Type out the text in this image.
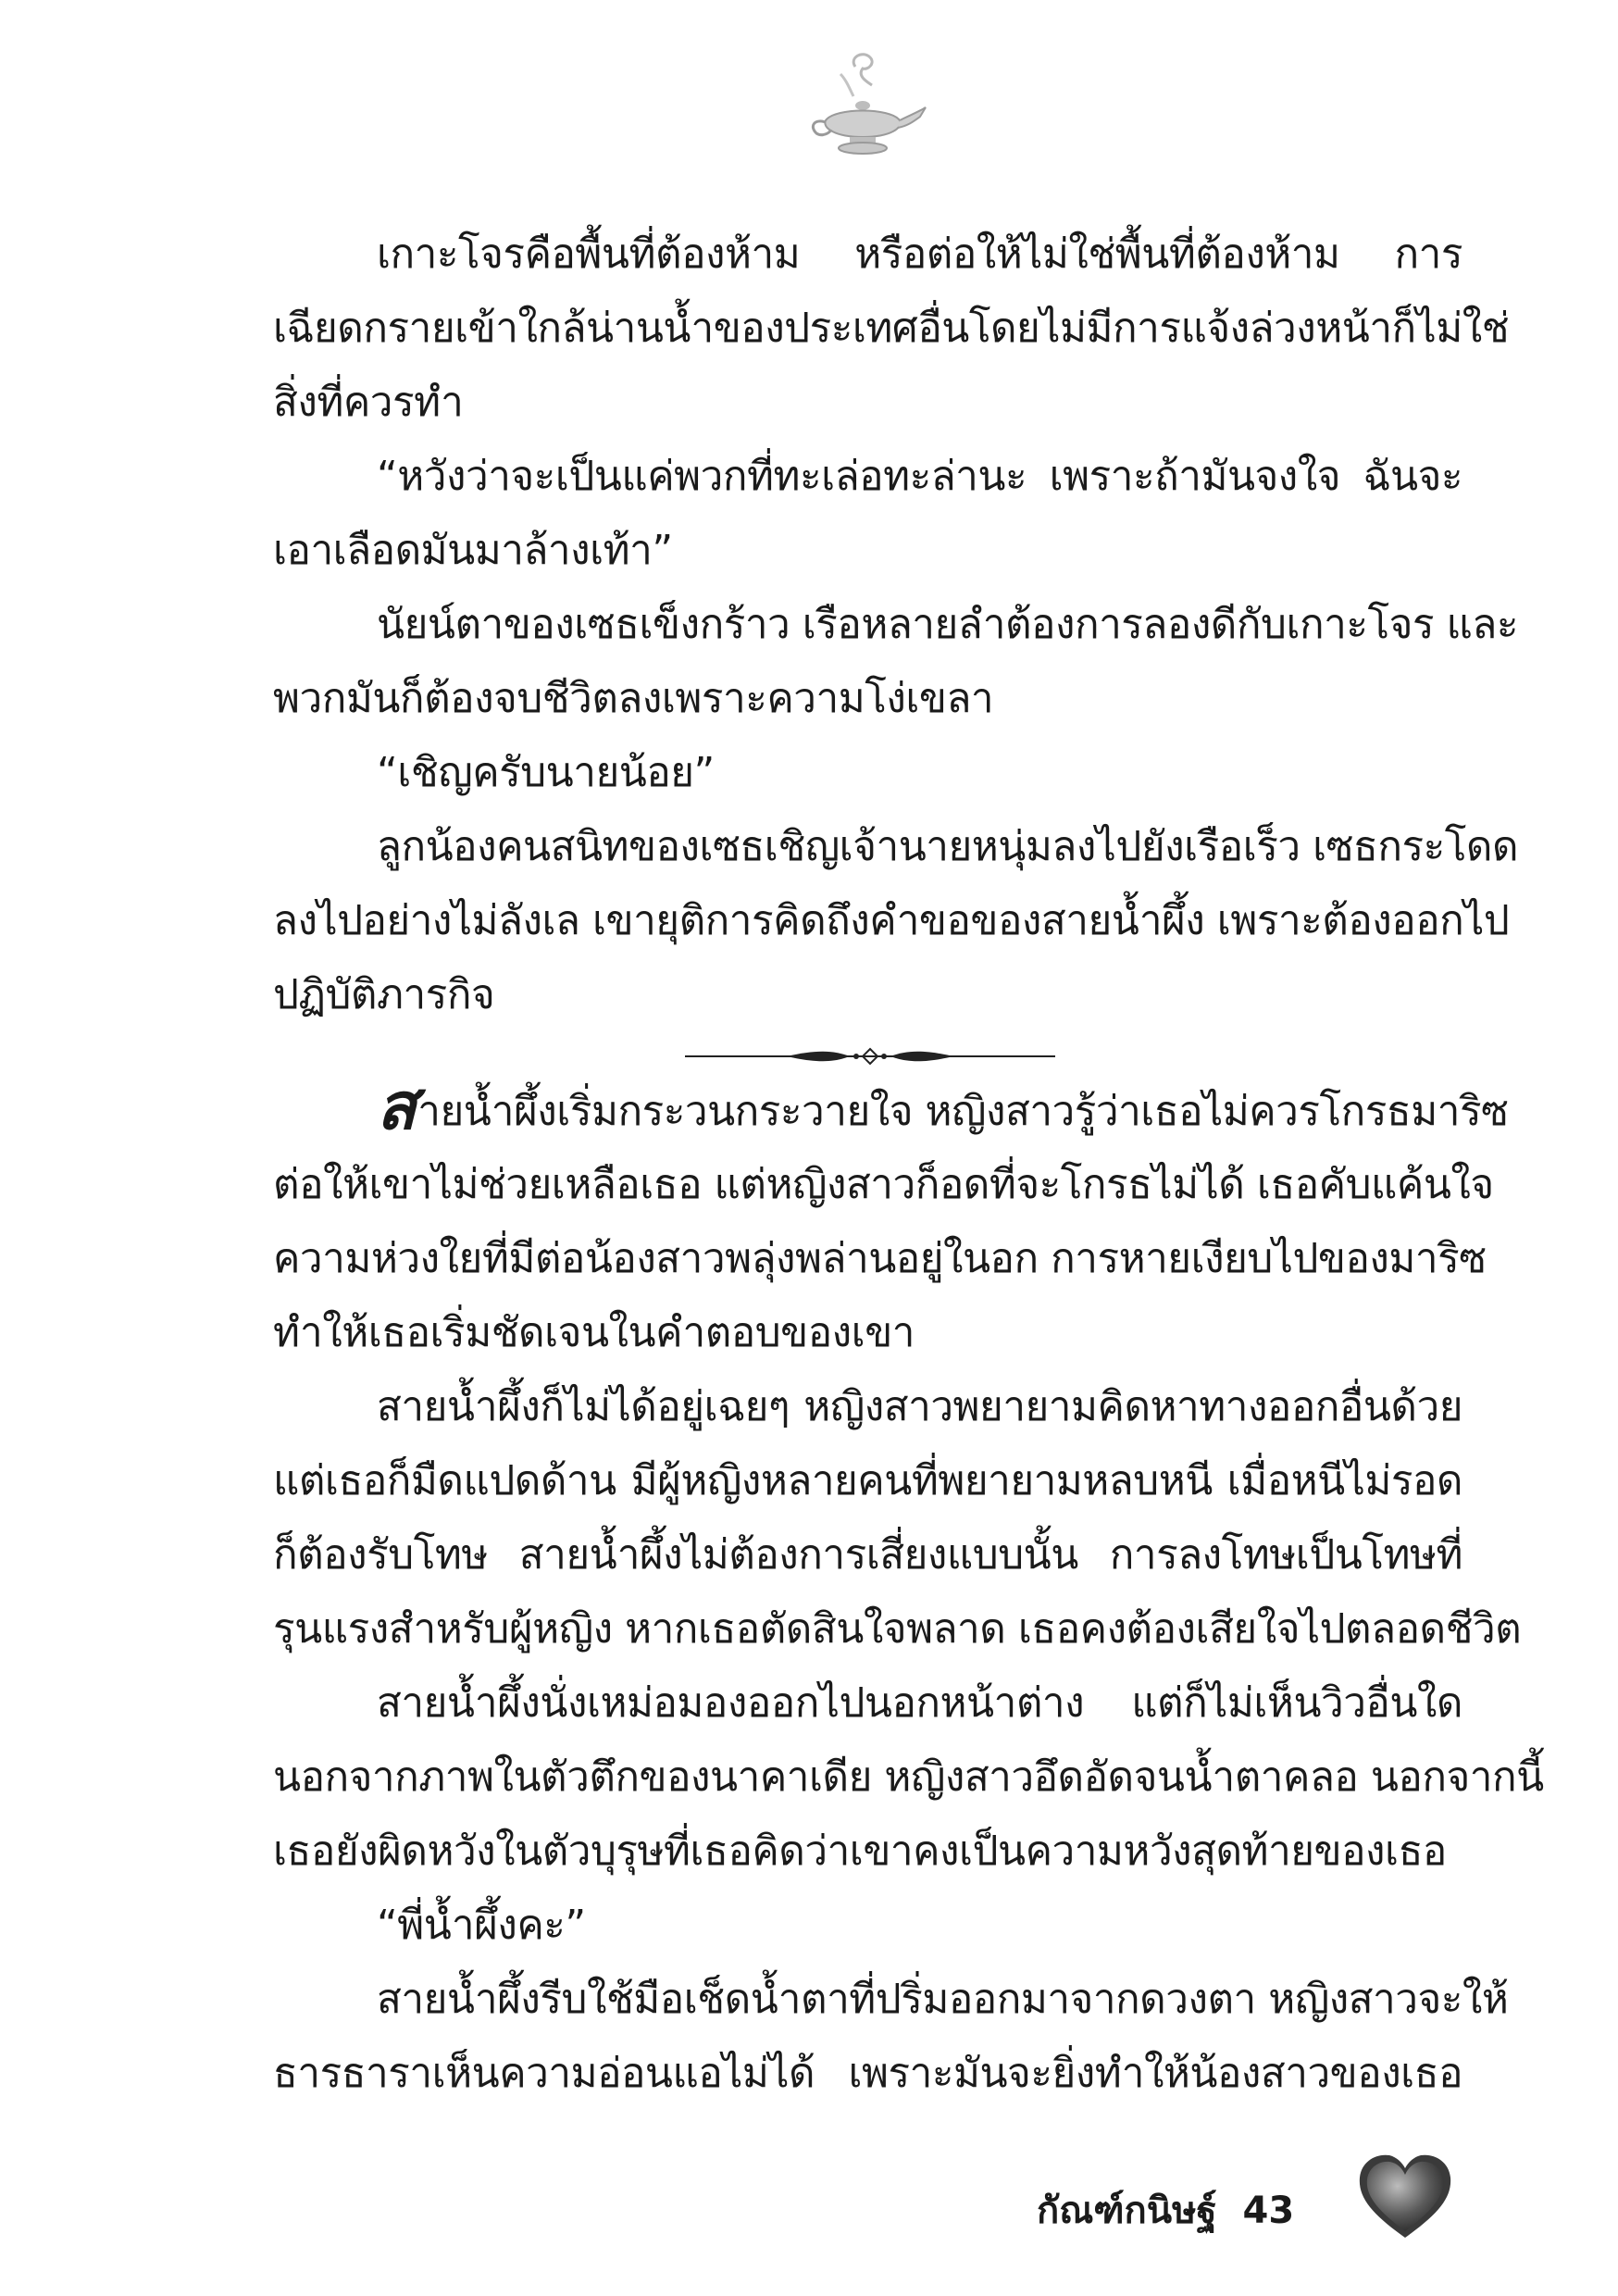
เกาะโจรคือพื้นที่ต้องห้าม หรือต่อให้ไม่ใช่พื้นที่ต้องห้าม การ
เฉียดกรายเข้าใกล้น่านน้ำของประเทศอื่นโดยไม่มีการแจ้งล่วงหน้าก็ไม่ใช่
สิ่งที่ควรทำ
“หวังว่าจะเป็นแค่พวกที่ทะเล่อทะล่านะ เพราะถ้ามันจงใจ ฉันจะ
เอาเลือดมันมาล้างเท้า”
นัยน์ตาของเซธเข็งกร้าว เรือหลายลำต้องการลองดีกับเกาะโจร และ
พวกมันก็ต้องจบชีวิตลงเพราะความโง่เขลา
“เชิญครับนายน้อย”
ลูกน้องคนสนิทของเซธเชิญเจ้านายหนุ่มลงไปยังเรือเร็ว เซธกระโดด
ลงไปอย่างไม่ลังเล เขายุติการคิดถึงคำขอของสายน้ำผึ้ง เพราะต้องออกไป
ปฏิบัติภารกิจ
สายน้ำผึ้งเริ่มกระวนกระวายใจ หญิงสาวรู้ว่าเธอไม่ควรโกรธมาริซ
ต่อให้เขาไม่ช่วยเหลือเธอ แต่หญิงสาวก็อดที่จะโกรธไม่ได้ เธอคับแค้นใจ
ความห่วงใยที่มีต่อน้องสาวพลุ่งพล่านอยู่ในอก การหายเงียบไปของมาริซ
ทำให้เธอเริ่มชัดเจนในคำตอบของเขา
สายน้ำผึ้งก็ไม่ได้อยู่เฉยๆ หญิงสาวพยายามคิดหาทางออกอื่นด้วย
แต่เธอก็มืดแปดด้าน มีผู้หญิงหลายคนที่พยายามหลบหนี เมื่อหนีไม่รอด
ก็ต้องรับโทษ สายน้ำผึ้งไม่ต้องการเสี่ยงแบบนั้น การลงโทษเป็นโทษที่
รุนแรงสำหรับผู้หญิง หากเธอตัดสินใจพลาด เธอคงต้องเสียใจไปตลอดชีวิต
สายน้ำผึ้งนั่งเหม่อมองออกไปนอกหน้าต่าง แต่ก็ไม่เห็นวิวอื่นใด
นอกจากภาพในตัวตึกของนาคาเดีย หญิงสาวอึดอัดจนน้ำตาคลอ นอกจากนี้
เธอยังผิดหวังในตัวบุรุษที่เธอคิดว่าเขาคงเป็นความหวังสุดท้ายของเธอ
“พี่น้ำผึ้งคะ”
สายน้ำผึ้งรีบใช้มือเช็ดน้ำตาที่ปริ่มออกมาจากดวงตา หญิงสาวจะให้
ธารธาราเห็นความอ่อนแอไม่ได้ เพราะมันจะยิ่งทำให้น้องสาวของเธอ
กัณฑ์กนิษฐ์ 43
